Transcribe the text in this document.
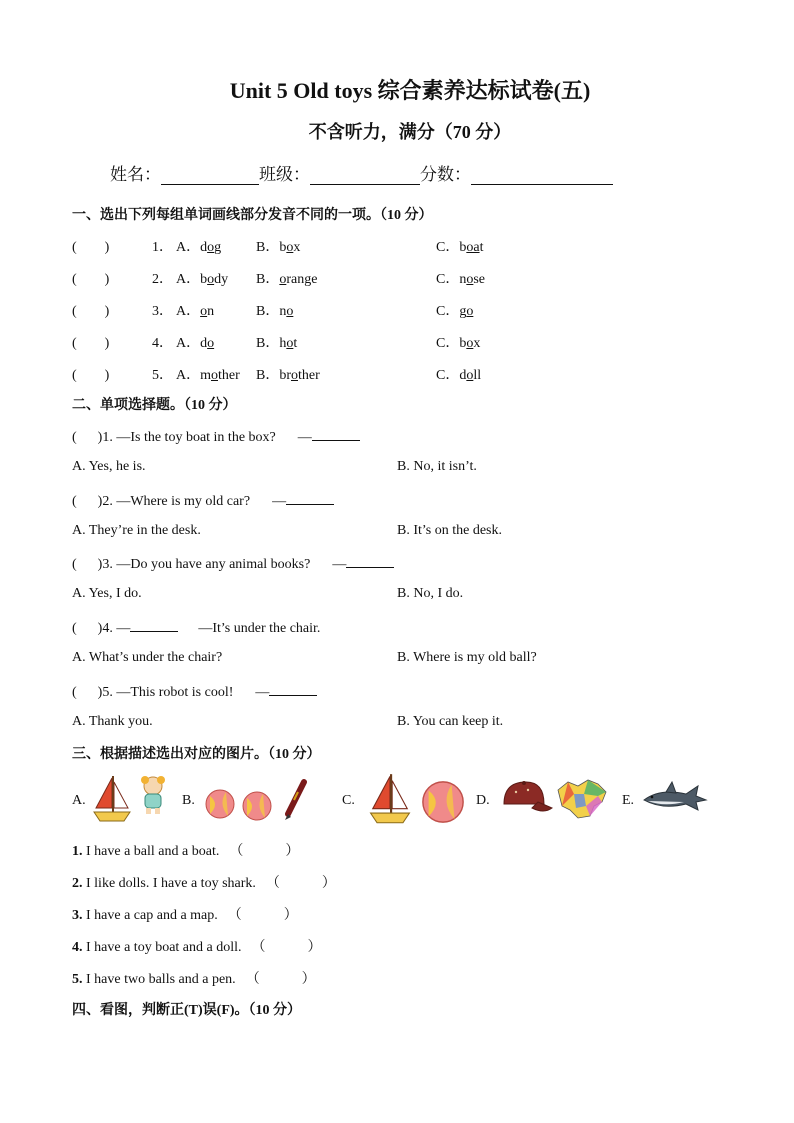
Unit 5 Old toys 综合素养达标试卷(五)
不含听力，满分（70 分）
姓名：	班级：	分数：
一、选出下列每组单词画线部分发音不同的一项。（10 分）
(        )	1． A．dog B．box	C．boat
(        )	2． A．body B．orange	C．nose
(        )	3． A．on	B．no	C．go
(        )	4． A．do	B．hot	C．box
(        )	5． A．mother B．brother	C．doll
二、单项选择题。（10 分）
(      )1. —Is the toy boat in the box? —
A. Yes, he is.	B. No, it isn’t.
(      )2. —Where is my old car? —
A. They’re in the desk.	B. It’s on the desk.
(      )3. —Do you have any animal books? —
A. Yes, I do.	B. No, I do.
(      )4. —	—It’s under the chair.
A. What’s under the chair?	B. Where is my old ball?
(      )5. —This robot is cool! —
A. Thank you.	B. You can keep it.
三、根据描述选出对应的图片。（10 分）
A.	B.	C.	D.	E.
1. I have a ball and a boat. （　　　）
2. I like dolls. I have a toy shark. （　　　）
3. I have a cap and a map. （　　　）
4. I have a toy boat and a doll. （　　　）
5. I have two balls and a pen. （　　　）
四、看图，判断正(T)误(F)。（10 分）
